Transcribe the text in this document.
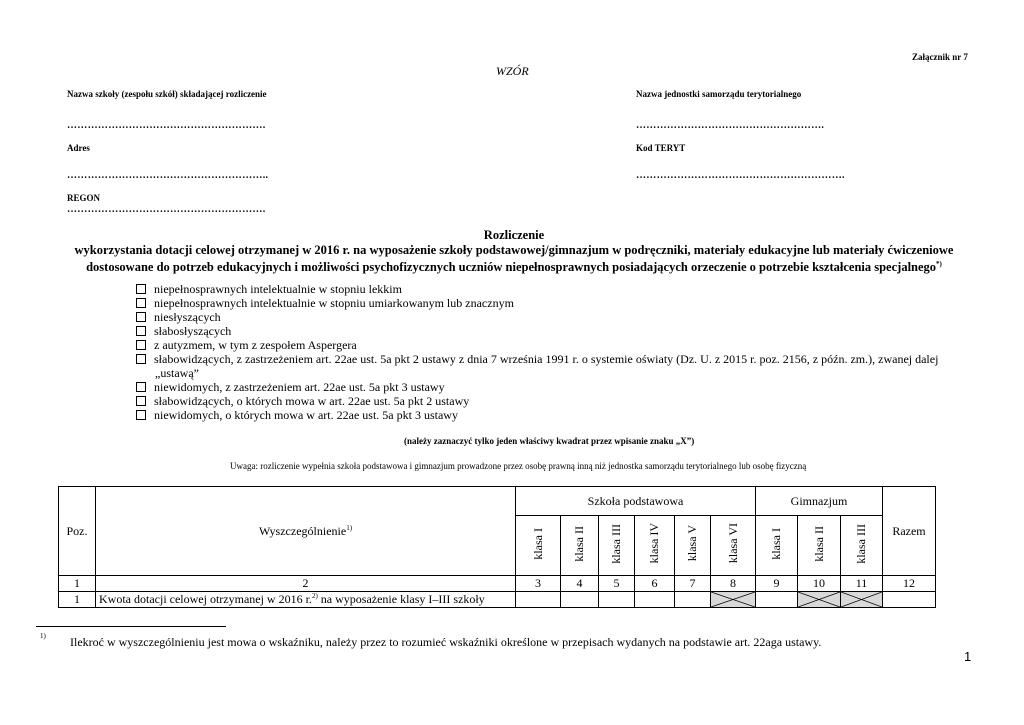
Załącznik nr 7
WZÓR
Nazwa szkoły (zespołu szkół) składającej rozliczenie
………………………………………………….
Nazwa jednostki samorządu terytorialnego
……………………………………………….
Adres
…………………………………………………..
Kod TERYT
…………………………………………………….
REGON
………………………………………………….
Rozliczenie
wykorzystania dotacji celowej otrzymanej w 2016 r. na wyposażenie szkoły podstawowej/gimnazjum w podręczniki, materiały edukacyjne lub materiały ćwiczeniowe
dostosowane do potrzeb edukacyjnych i możliwości psychofizycznych uczniów niepełnosprawnych posiadających orzeczenie o potrzebie kształcenia specjalnego*)
niepełnosprawnych intelektualnie w stopniu lekkim
niepełnosprawnych intelektualnie w stopniu umiarkowanym lub znacznym
niesłyszących
słabosłyszących
z autyzmem, w tym z zespołem Aspergera
słabowidzących, z zastrzeżeniem art. 22ae ust. 5a pkt 2 ustawy z dnia 7 września 1991 r. o systemie oświaty (Dz. U. z 2015 r. poz. 2156, z późn. zm.), zwanej dalej
„ustawą”
niewidomych, z zastrzeżeniem art. 22ae ust. 5a pkt 3 ustawy
słabowidzących, o których mowa w art. 22ae ust. 5a pkt 2 ustawy
niewidomych, o których mowa w art. 22ae ust. 5a pkt 3 ustawy
(należy zaznaczyć tylko jeden właściwy kwadrat przez wpisanie znaku „X”)
Uwaga: rozliczenie wypełnia szkoła podstawowa i gimnazjum prowadzone przez osobę prawną inną niż jednostka samorządu terytorialnego lub osobę fizyczną
Poz.	Wyszczególnienie$^{1)}$	Szkoła podstawowa						Gimnazjum			Razem
		klasa I	klasa II	klasa III	klasa IV	klasa V	klasa VI	klasa I	klasa II	klasa III	
1	2	3	4	5	6	7	8	9	10	11	12
1	Kwota dotacji celowej otrzymanej w 2016 r.$^{2)}$ na wyposażenie klasy I–III szkoły						

1) Ilekroć w wyszczególnieniu jest mowa o wskaźniku, należy przez to rozumieć wskaźniki określone w przepisach wydanych na podstawie art. 22aga ustawy.
1
